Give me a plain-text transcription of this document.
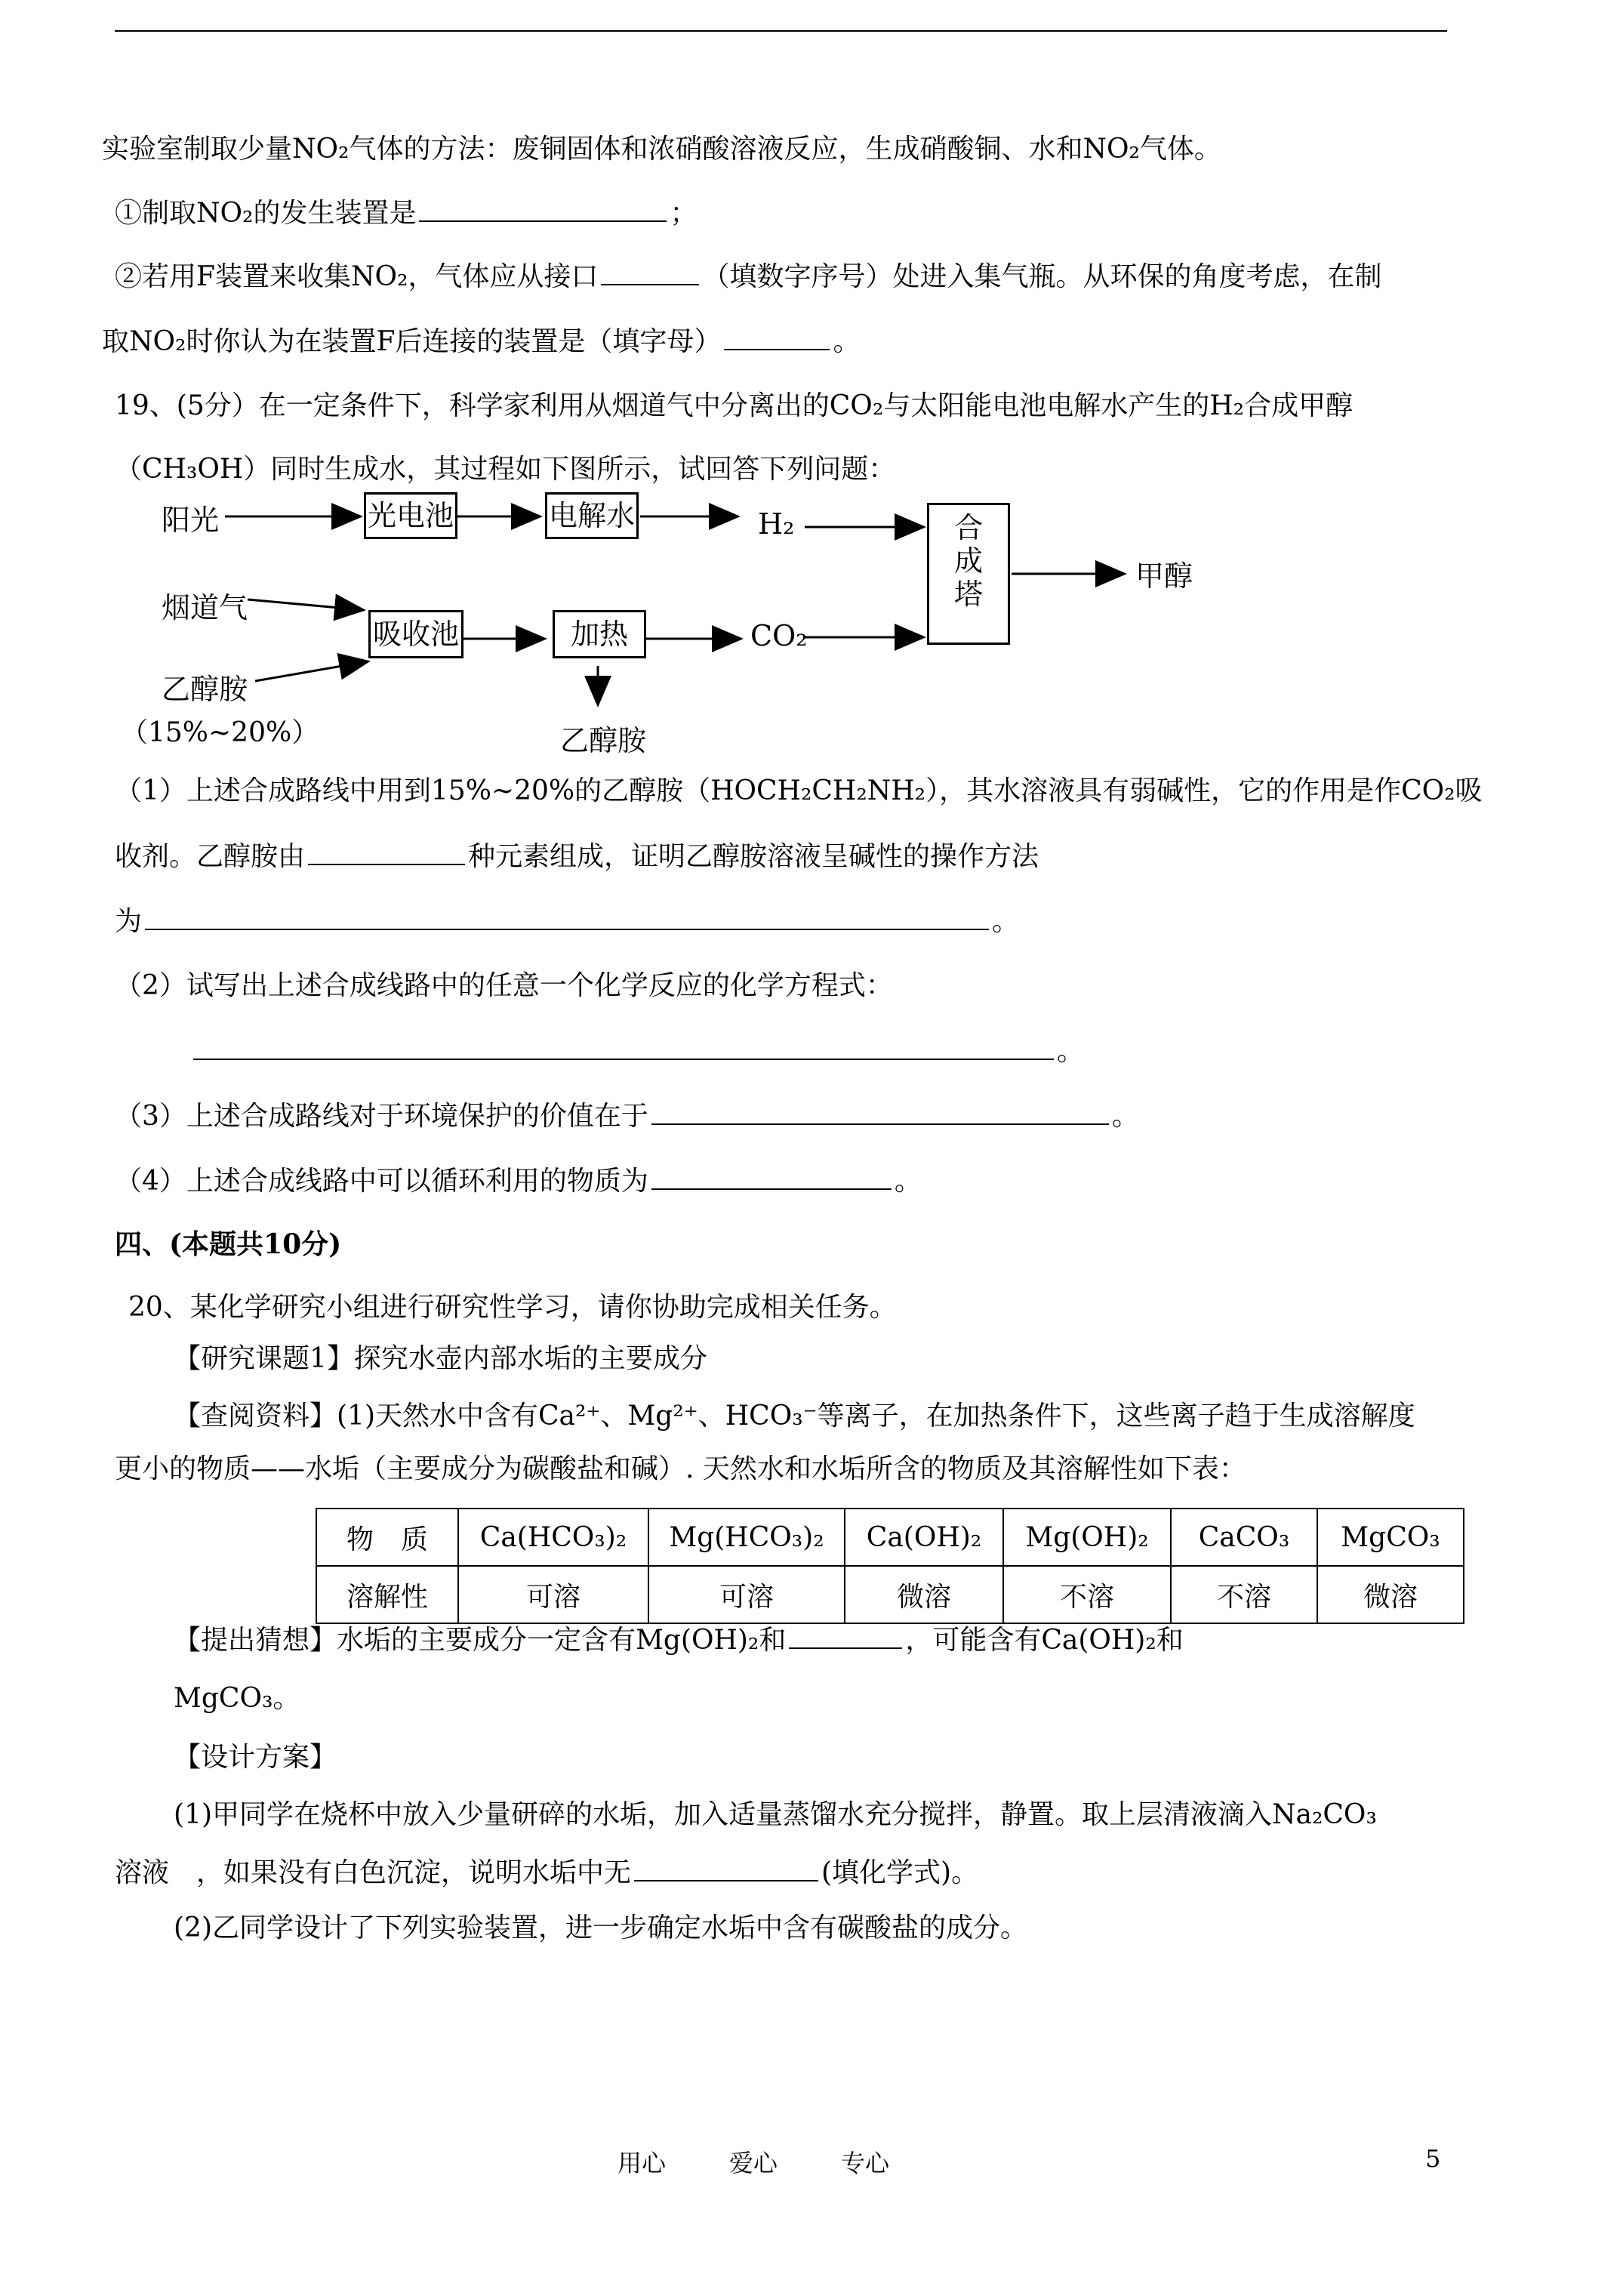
实验室制取少量NO₂气体的方法：废铜固体和浓硝酸溶液反应，生成硝酸铜、水和NO₂气体。
①制取NO₂的发生装置是	；
②若用F装置来收集NO₂，气体应从接口	（填数字序号）处进入集气瓶。从环保的角度考虑，在制
取NO₂时你认为在装置F后连接的装置是（填字母）	。
19、(5分）在一定条件下，科学家利用从烟道气中分离出的CO₂与太阳能电池电解水产生的H₂合成甲醇
（CH₃OH）同时生成水，其过程如下图所示，试回答下列问题：
阳光	光电池	电解水	H₂	合成塔
甲醇
烟道气
吸收池	加热	CO₂
乙醇胺
（15%~20%）	乙醇胺
（1）上述合成路线中用到15%~20%的乙醇胺（HOCH₂CH₂NH₂），其水溶液具有弱碱性，它的作用是作CO₂吸
收剂。乙醇胺由	种元素组成，证明乙醇胺溶液呈碱性的操作方法
为	。
（2）试写出上述合成线路中的任意一个化学反应的化学方程式：
。
（3）上述合成路线对于环境保护的价值在于	。
（4）上述合成线路中可以循环利用的物质为	。
四、(本题共10分)
20、某化学研究小组进行研究性学习，请你协助完成相关任务。
【研究课题1】探究水壶内部水垢的主要成分
【查阅资料】(1)天然水中含有Ca²⁺、Mg²⁺、HCO₃⁻等离子，在加热条件下，这些离子趋于生成溶解度
更小的物质——水垢（主要成分为碳酸盐和碱）. 天然水和水垢所含的物质及其溶解性如下表：
物　质	Ca(HCO₃)₂	Mg(HCO₃)₂	Ca(OH)₂	Mg(OH)₂	CaCO₃	MgCO₃
溶解性	可溶	可溶	微溶	不溶	不溶	微溶
【提出猜想】水垢的主要成分一定含有Mg(OH)₂和	，可能含有Ca(OH)₂和
MgCO₃。
【设计方案】
(1)甲同学在烧杯中放入少量研碎的水垢，加入适量蒸馏水充分搅拌，静置。取上层清液滴入Na₂CO₃
溶液　，如果没有白色沉淀，说明水垢中无	(填化学式)。
(2)乙同学设计了下列实验装置，进一步确定水垢中含有碳酸盐的成分。
用心	爱心	专心	5
